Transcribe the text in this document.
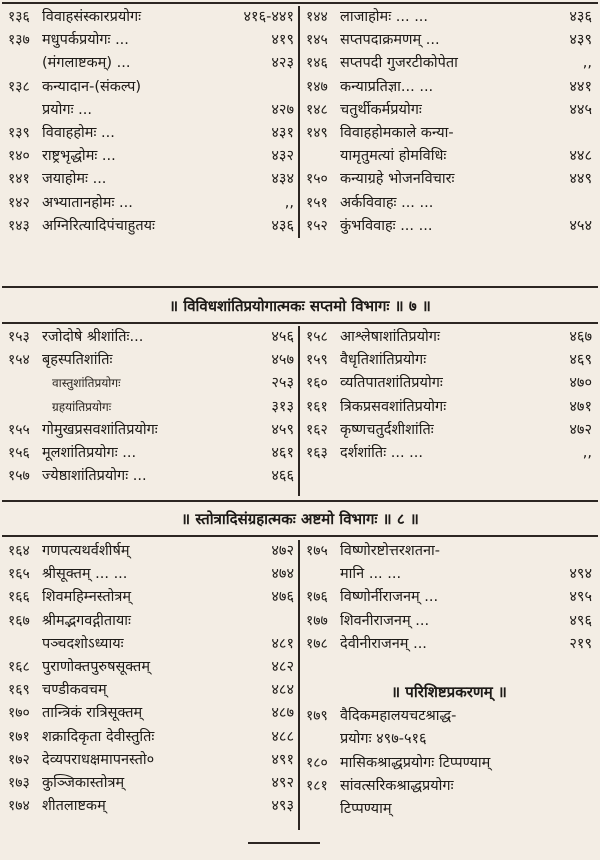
१३६ विवाहसंस्कारप्रयोगः	४१६-४४१
१३७ मधुपर्कप्रयोगः ...	४१९
(मंगलाष्टकम्) ...	४२३
१३८ कन्यादान-(संकल्प)
प्रयोगः ...	४२७
१३९ विवाहहोमः ...	४३१
१४० राष्ट्रभृद्धोमः ...	४३२
१४१ जयाहोमः ...	४३४
१४२ अभ्यातानहोमः ...	,,
१४३ अग्निरित्यादिपंचाहुतयः	४३६
१४४ लाजाहोमः ... ...	४३६
१४५ सप्तपदाक्रमणम् ...	४३९
१४६ सप्तपदी गुजरटीकोपेता	,,
१४७ कन्याप्रतिज्ञा... ...	४४१
१४८ चतुर्थीकर्मप्रयोगः	४४५
१४९ विवाहहोमकाले कन्या-
यामृतुमत्यां होमविधिः	४४८
१५० कन्याग्रहे भोजनविचारः	४४९
१५१ अर्कविवाहः ... ...
१५२ कुंभविवाहः ... ...	४५४
॥ विविधशांतिप्रयोगात्मकः सप्तमो विभागः ॥ ७ ॥
१५३ रजोदोषे श्रीशांतिः...	४५६
१५४ बृहस्पतिशांतिः	४५७
वास्तुशांतिप्रयोगः	२५३
ग्रहयांतिप्रयोगः	३१३
१५५ गोमुखप्रसवशांतिप्रयोगः	४५९
१५६ मूलशांतिप्रयोगः ...	४६१
१५७ ज्येष्ठाशांतिप्रयोगः ...	४६६
१५८ आश्लेषाशांतिप्रयोगः	४६७
१५९ वैधृतिशांतिप्रयोगः	४६९
१६० व्यतिपातशांतिप्रयोगः	४७०
१६१ त्रिकप्रसवशांतिप्रयोगः	४७१
१६२ कृष्णचतुर्दशीशांतिः	४७२
१६३ दर्शशांतिः ... ...	,,
॥ स्तोत्रादिसंग्रहात्मकः अष्टमो विभागः ॥ ८ ॥
१६४ गणपत्यथर्वशीर्षम्	४७२
१६५ श्रीसूक्तम् ... ...	४७४
१६६ शिवमहिम्नस्तोत्रम्	४७६
१६७ श्रीमद्भगवद्गीतायाः
पञ्चदशोऽध्यायः	४८१
१६८ पुराणोक्तपुरुषसूक्तम्	४८२
१६९ चण्डीकवचम्	४८४
१७० तान्त्रिकं रात्रिसूक्तम्	४८७
१७१ शक्रादिकृता देवीस्तुतिः	४८८
१७२ देव्यपराधक्षमापनस्तो०	४९१
१७३ कुञ्जिकास्तोत्रम्	४९२
१७४ शीतलाष्टकम्	४९३
१७५ विष्णोरष्टोत्तरशतना-
मानि ... ...	४९४
१७६ विष्णोर्नीराजनम् ...	४९५
१७७ शिवनीराजनम् ...	४९६
१७८ देवीनीराजनम् ...	२१९
॥ परिशिष्टप्रकरणम् ॥
१७९ वैदिकमहालयचटश्राद्ध-
प्रयोगः ४९७-५१६
१८० मासिकश्राद्धप्रयोगः टिप्पण्याम्
१८१ सांवत्सरिकश्राद्धप्रयोगः
टिप्पण्याम्
